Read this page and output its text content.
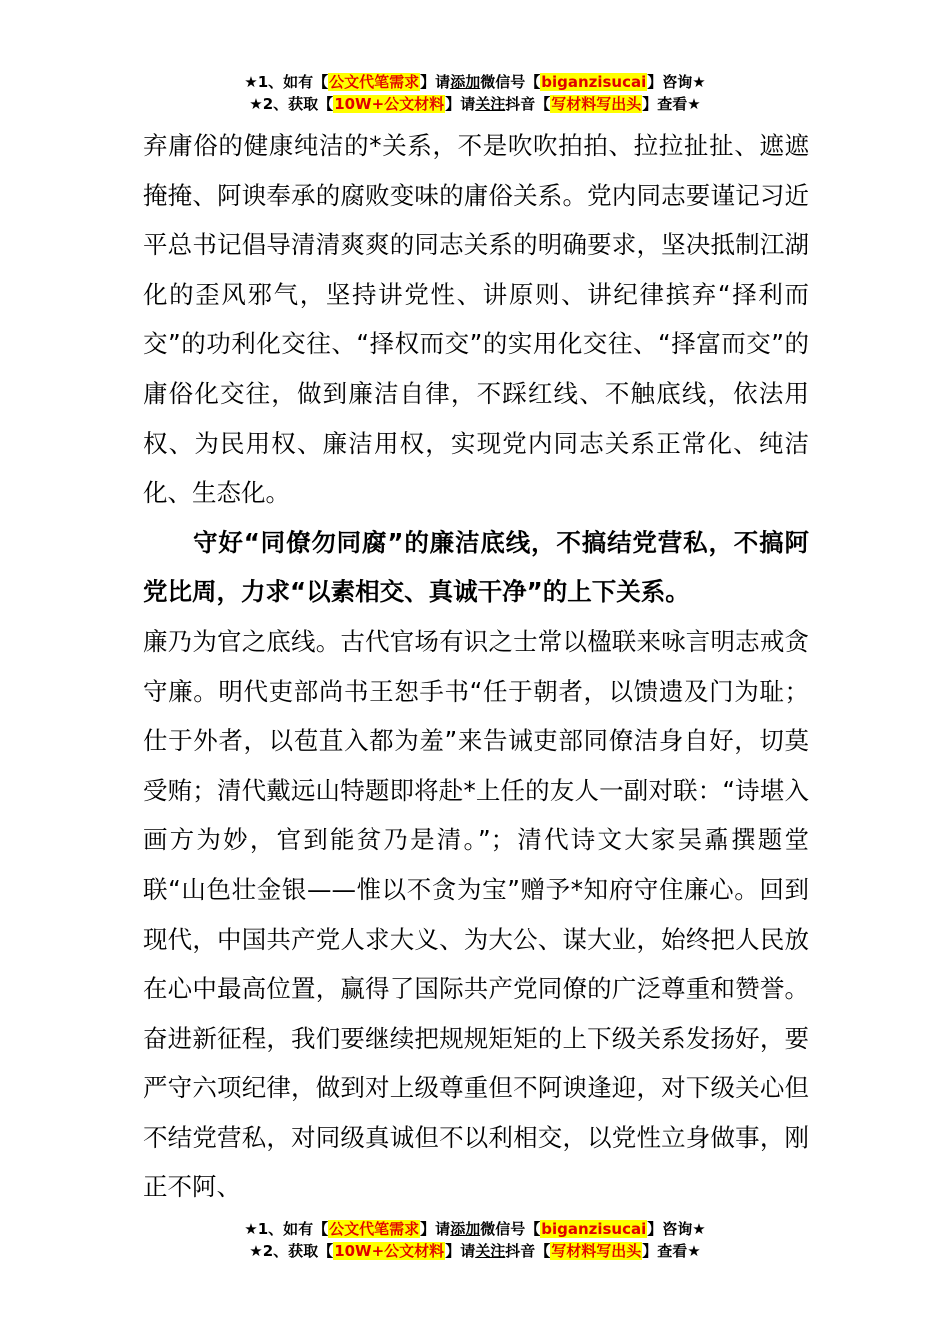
★1、如有【公文代笔需求】请添加微信号【biganzisucai】咨询★
★2、获取【10W+公文材料】请关注抖音【写材料写出头】查看★

弃庸俗的健康纯洁的*关系，不是吹吹拍拍、拉拉扯扯、遮遮掩掩、阿谀奉承的腐败变味的庸俗关系。党内同志要谨记习近平总书记倡导清清爽爽的同志关系的明确要求，坚决抵制江湖化的歪风邪气，坚持讲党性、讲原则、讲纪律摈弃“择利而交”的功利化交往、“择权而交”的实用化交往、“择富而交”的庸俗化交往，做到廉洁自律，不踩红线、不触底线，依法用权、为民用权、廉洁用权，实现党内同志关系正常化、纯洁化、生态化。

守好“同僚勿同腐”的廉洁底线，不搞结党营私，不搞阿党比周，力求“以素相交、真诚干净”的上下关系。

廉乃为官之底线。古代官场有识之士常以楹联来咏言明志戒贪守廉。明代吏部尚书王恕手书“任于朝者，以馈遗及门为耻；仕于外者，以苞苴入都为羞”来告诫吏部同僚洁身自好，切莫受贿；清代戴远山特题即将赴*上任的友人一副对联：“诗堪入画方为妙，官到能贫乃是清。”；清代诗文大家吴鼒撰题堂联“山色壮金银——惟以不贪为宝”赠予*知府守住廉心。回到现代，中国共产党人求大义、为大公、谋大业，始终把人民放在心中最高位置，赢得了国际共产党同僚的广泛尊重和赞誉。奋进新征程，我们要继续把规规矩矩的上下级关系发扬好，要严守六项纪律，做到对上级尊重但不阿谀逢迎，对下级关心但不结党营私，对同级真诚但不以利相交，以党性立身做事，刚正不阿、

★1、如有【公文代笔需求】请添加微信号【biganzisucai】咨询★
★2、获取【10W+公文材料】请关注抖音【写材料写出头】查看★
